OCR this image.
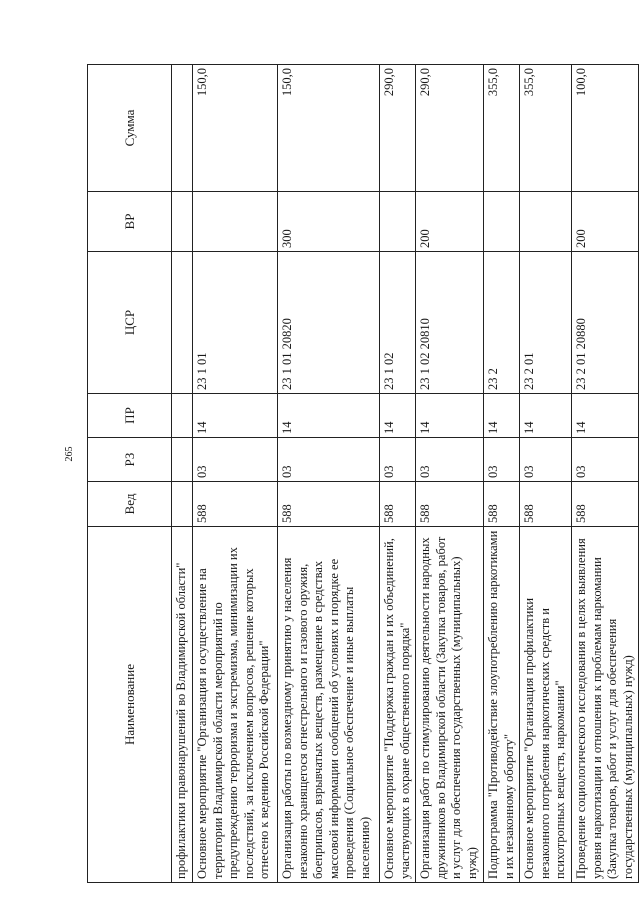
265
Наименование	Вед	РЗ	ПР	ЦСР	ВР	Сумма
профилактики правонарушений во Владимирской области"						
Основное мероприятие "Организация и осуществление на территории Владимирской области мероприятий по предупреждению терроризма и экстремизма, минимизации их последствий, за исключением вопросов, решение которых отнесено к ведению Российской Федерации"	588	03	14	23 1 01		150,0
Организация работы по возмездному принятию у населения незаконно хранящегося огнестрельного и газового оружия, боеприпасов, взрывчатых веществ, размещение в средствах массовой информации сообщений об условиях и порядке ее проведения (Социальное обеспечение и иные выплаты населению)	588	03	14	23 1 01 20820	300	150,0
Основное мероприятие "Поддержка граждан и их объединений, участвующих в охране общественного порядка"	588	03	14	23 1 02		290,0
Организация работ по стимулированию деятельности народных дружинников во Владимирской области (Закупка товаров, работ и услуг для обеспечения государственных (муниципальных) нужд)	588	03	14	23 1 02 20810	200	290,0
Подпрограмма "Противодействие злоупотреблению наркотиками и их незаконному обороту"	588	03	14	23 2		355,0
Основное мероприятие "Организация профилактики незаконного потребления наркотических средств и психотропных веществ, наркомании"	588	03	14	23 2 01		355,0
Проведение социологического исследования в целях выявления уровня наркотизации и отношения к проблемам наркомании (Закупка товаров, работ и услуг для обеспечения государственных (муниципальных) нужд)	588	03	14	23 2 01 20880	200	100,0
